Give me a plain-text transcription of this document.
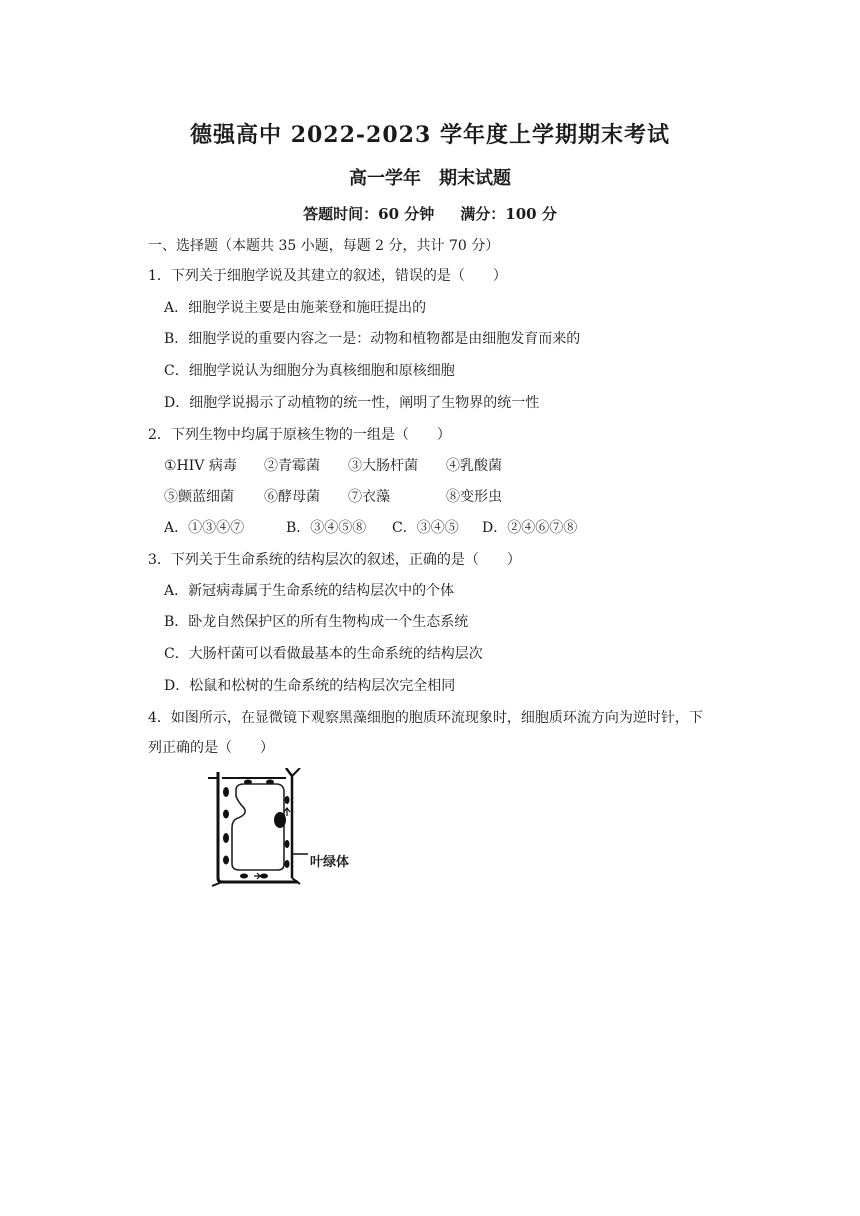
德强高中 2022-2023 学年度上学期期末考试
高一学年　期末试题
答题时间：60 分钟 满分：100 分
一、选择题（本题共 35 小题，每题 2 分，共计 70 分）
1．下列关于细胞学说及其建立的叙述，错误的是（　　）
A．细胞学说主要是由施莱登和施旺提出的
B．细胞学说的重要内容之一是：动物和植物都是由细胞发育而来的
C．细胞学说认为细胞分为真核细胞和原核细胞
D．细胞学说揭示了动植物的统一性，阐明了生物界的统一性
2．下列生物中均属于原核生物的一组是（　　）
①HIV 病毒 ②青霉菌 ③大肠杆菌 ④乳酸菌
⑤颤蓝细菌 ⑥酵母菌 ⑦衣藻	⑧变形虫
A．①③④⑦	B．③④⑤⑧ C．③④⑤ D．②④⑥⑦⑧
3．下列关于生命系统的结构层次的叙述，正确的是（　　）
A．新冠病毒属于生命系统的结构层次中的个体
B．卧龙自然保护区的所有生物构成一个生态系统
C．大肠杆菌可以看做最基本的生命系统的结构层次
D．松鼠和松树的生命系统的结构层次完全相同
4．如图所示，在显微镜下观察黑藻细胞的胞质环流现象时，细胞质环流方向为逆时针，下
列正确的是（　　）
叶绿体
